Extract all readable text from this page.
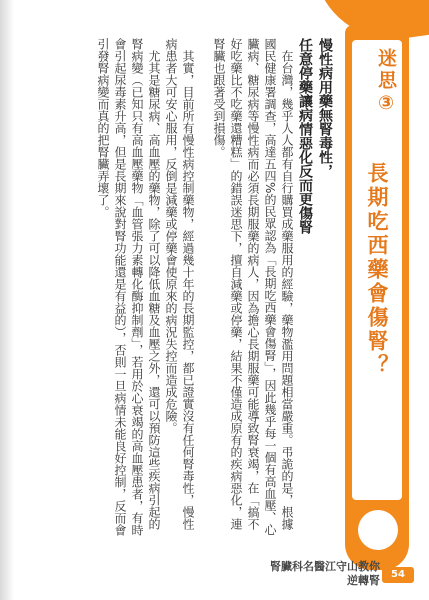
迷思③
長期吃西藥會傷腎？

慢性病用藥無腎毒性，

任意停藥讓病情惡化反而更傷腎

在台灣，幾乎人人都有自行購買成藥服用的經驗，藥物濫用問題相當嚴重。弔詭的是，根據國民健康署調查，高達五四%的民眾認為「長期吃西藥會傷腎」，因此幾乎每一個有高血壓、心臟病、糖尿病等慢性病而必須長期服藥的病人，因為擔心長期服藥可能導致腎衰竭，在「搞不好吃藥比不吃藥還糟糕」的錯誤迷思下，擅自減藥或停藥，結果不僅造成原有的疾病惡化，連腎臟也跟著受到損傷。

其實，目前所有慢性病控制藥物，經過幾十年的長期監控，都已證實沒有任何腎毒性，慢性病患者大可安心服用，反倒是減藥或停藥會使原來的病況失控而造成危險。

尤其是糖尿病、高血壓的藥物，除了可以降低血糖及血壓之外，還可以預防這些疾病引起的腎病變（已知只有高血壓藥物「血管張力素轉化酶抑制劑」，若用於心衰竭的高血壓患者，有時會引起尿毒素升高，但是長期來說對腎功能還是有益的），否則一旦病情未能良好控制，反而會引發腎病變而真的把腎臟弄壞了。

腎臟科名醫江守山教你
逆轉腎	54
